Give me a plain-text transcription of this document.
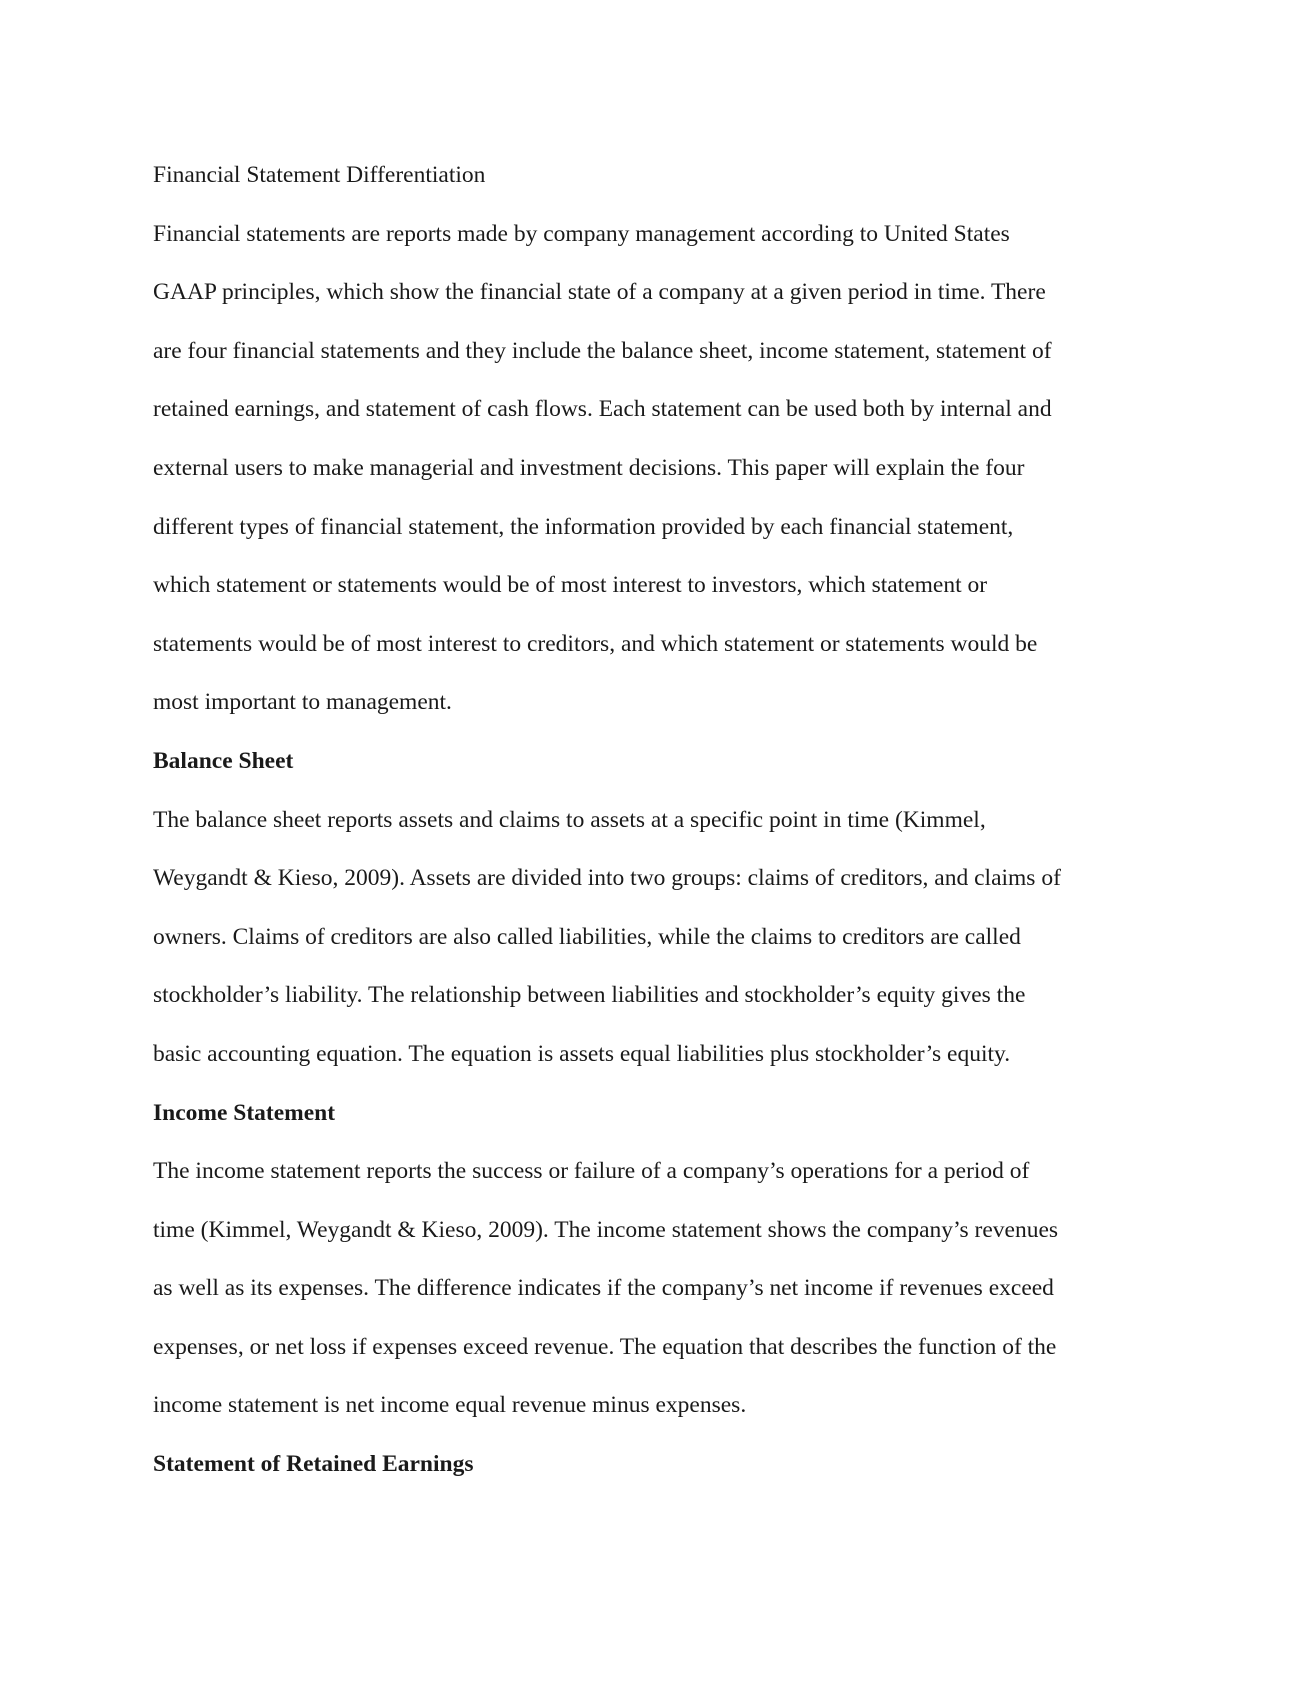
Financial Statement Differentiation
Financial statements are reports made by company management according to United States
GAAP principles, which show the financial state of a company at a given period in time. There
are four financial statements and they include the balance sheet, income statement, statement of
retained earnings, and statement of cash flows. Each statement can be used both by internal and
external users to make managerial and investment decisions. This paper will explain the four
different types of financial statement, the information provided by each financial statement,
which statement or statements would be of most interest to investors, which statement or
statements would be of most interest to creditors, and which statement or statements would be
most important to management.
Balance Sheet
The balance sheet reports assets and claims to assets at a specific point in time (Kimmel,
Weygandt & Kieso, 2009). Assets are divided into two groups: claims of creditors, and claims of
owners. Claims of creditors are also called liabilities, while the claims to creditors are called
stockholder’s liability. The relationship between liabilities and stockholder’s equity gives the
basic accounting equation. The equation is assets equal liabilities plus stockholder’s equity.
Income Statement
The income statement reports the success or failure of a company’s operations for a period of
time (Kimmel, Weygandt & Kieso, 2009). The income statement shows the company’s revenues
as well as its expenses. The difference indicates if the company’s net income if revenues exceed
expenses, or net loss if expenses exceed revenue. The equation that describes the function of the
income statement is net income equal revenue minus expenses.
Statement of Retained Earnings
